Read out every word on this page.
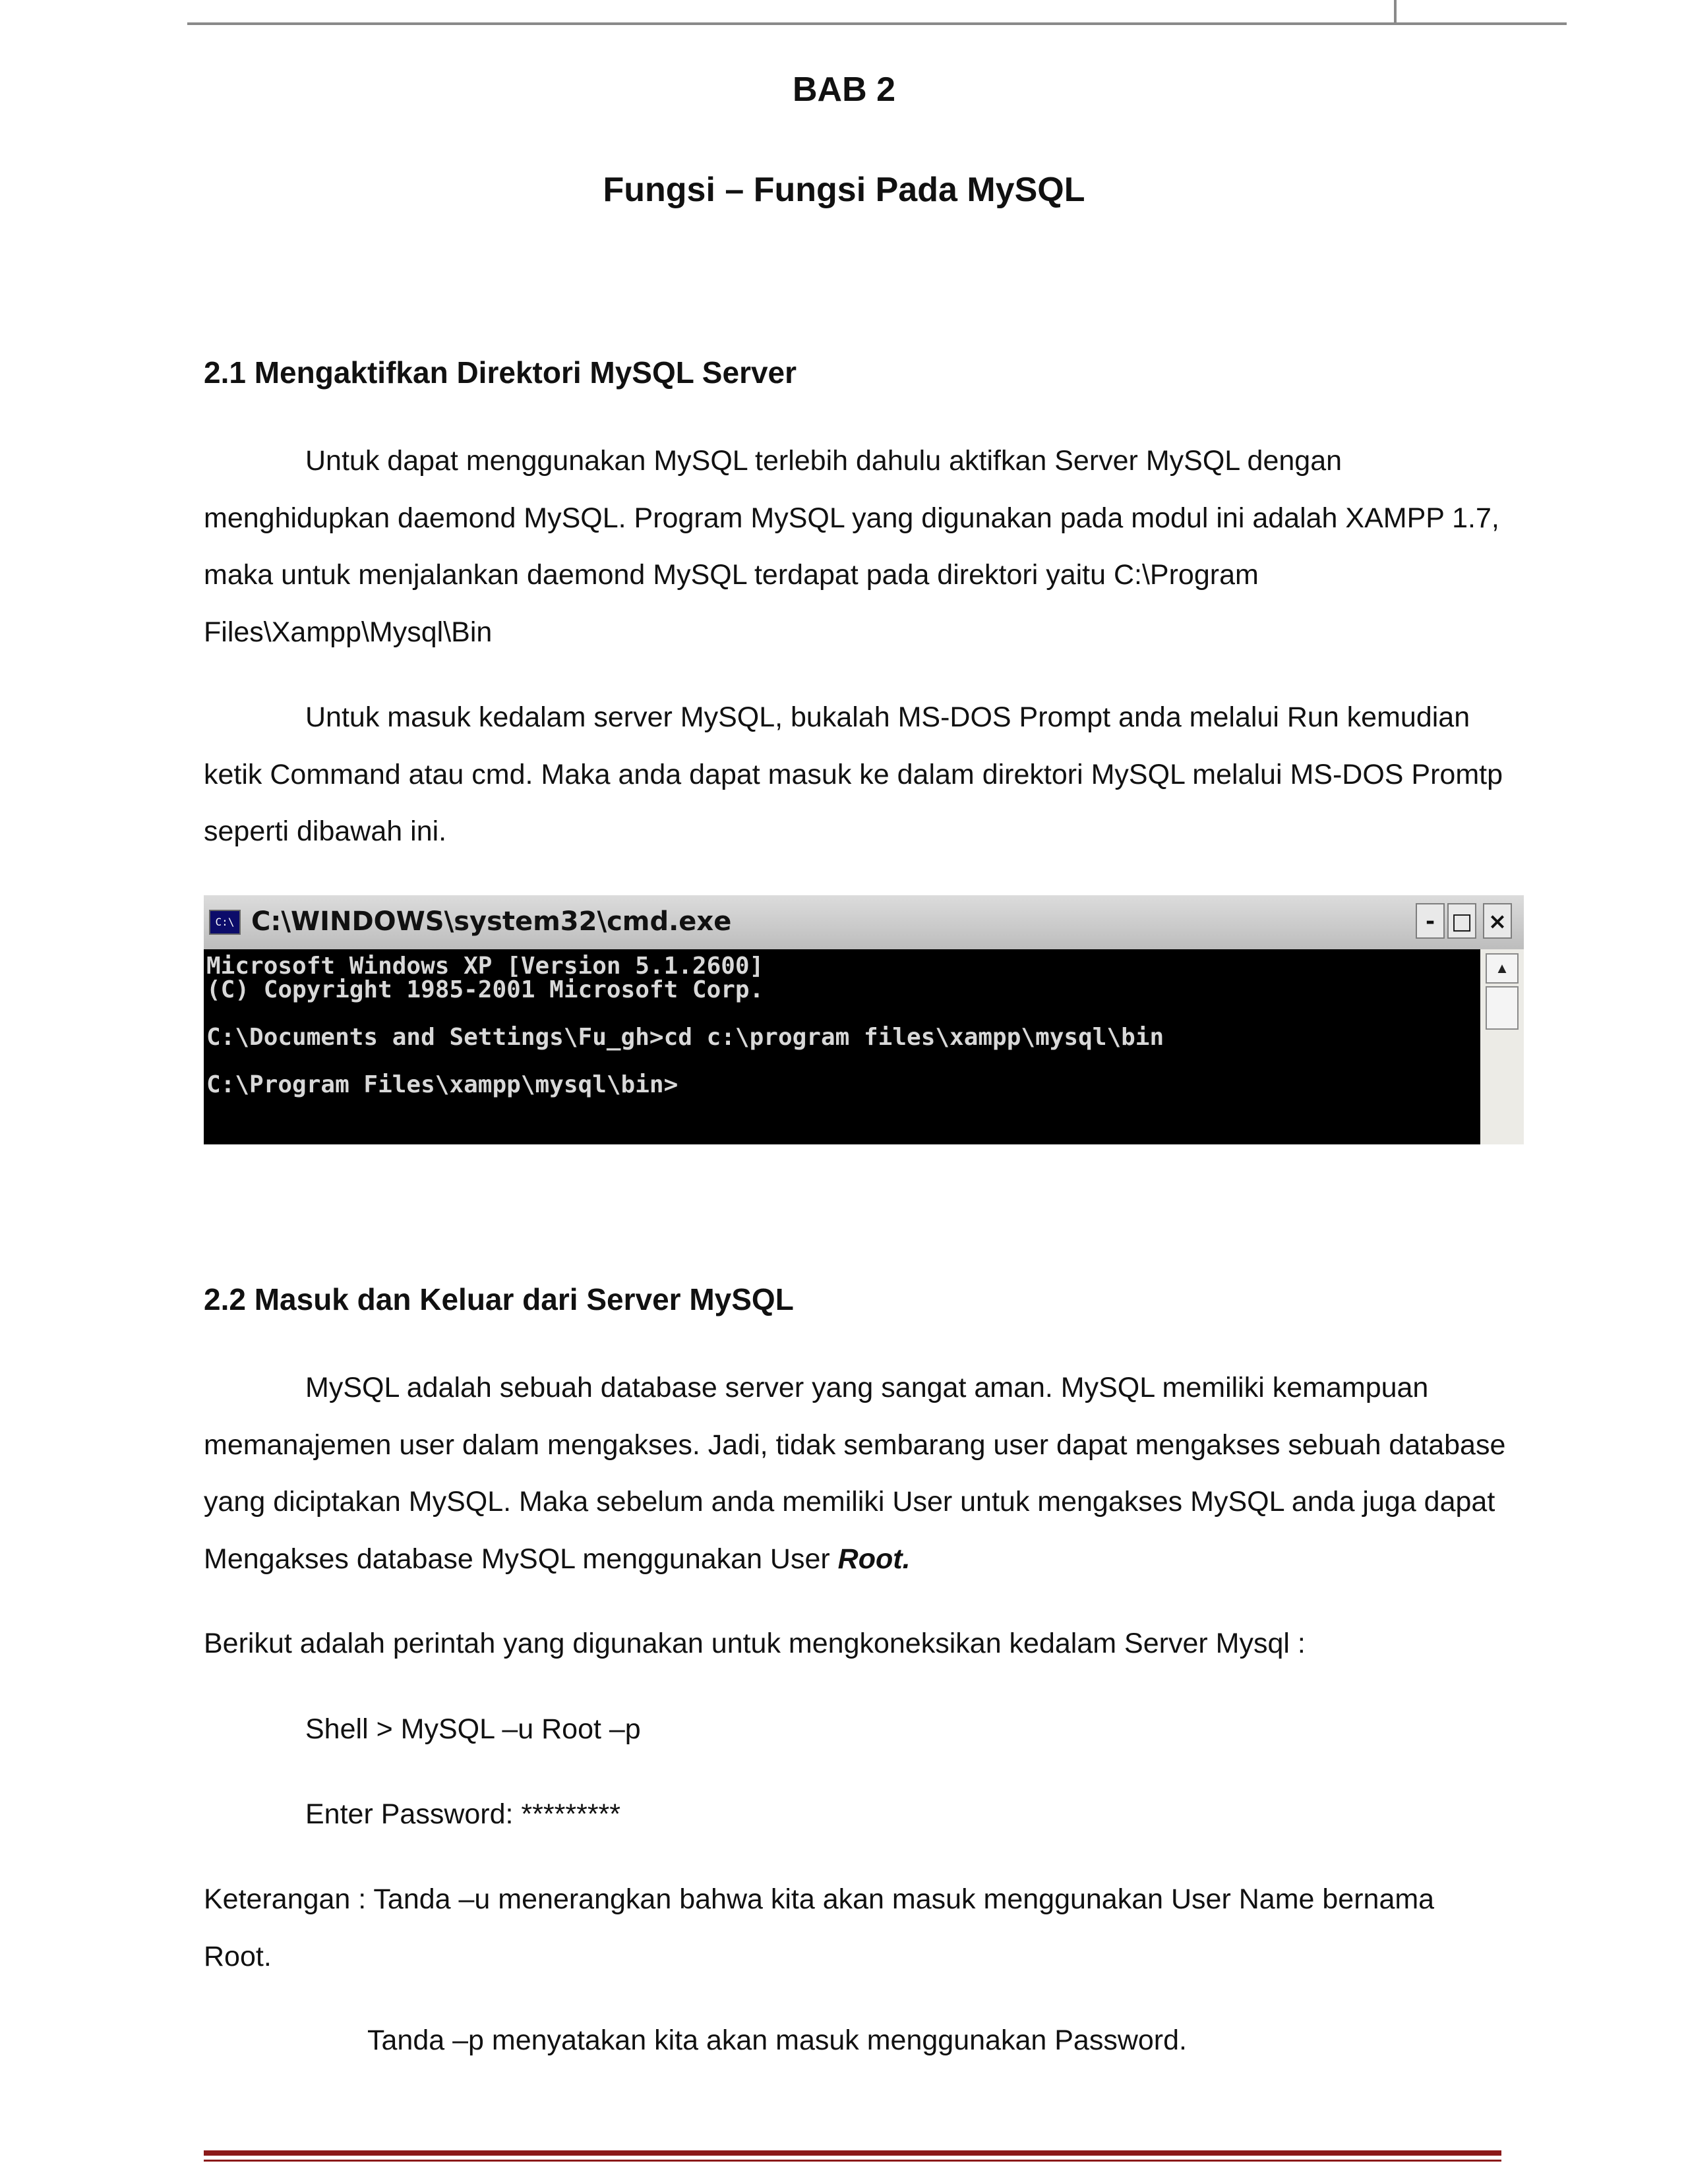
BAB 2
Fungsi – Fungsi Pada MySQL
2.1 Mengaktifkan Direktori MySQL Server
Untuk dapat menggunakan MySQL terlebih dahulu aktifkan Server MySQL dengan
menghidupkan daemond MySQL. Program MySQL yang digunakan pada modul ini adalah XAMPP 1.7,
maka untuk menjalankan daemond MySQL terdapat pada direktori yaitu C:\Program
Files\Xampp\Mysql\Bin
Untuk masuk kedalam server MySQL, bukalah MS-DOS Prompt anda melalui Run kemudian
ketik Command atau cmd. Maka anda dapat masuk ke dalam direktori MySQL melalui MS-DOS Promtp
seperti dibawah ini.
C:\ C:\WINDOWS\system32\cmd.exe	- □ ×
Microsoft Windows XP [Version 5.1.2600]
(C) Copyright 1985-2001 Microsoft Corp.
C:\Documents and Settings\Fu_gh>cd c:\program files\xampp\mysql\bin
C:\Program Files\xampp\mysql\bin>
▲
2.2 Masuk dan Keluar dari Server MySQL
MySQL adalah sebuah database server yang sangat aman. MySQL memiliki kemampuan
memanajemen user dalam mengakses. Jadi, tidak sembarang user dapat mengakses sebuah database
yang diciptakan MySQL. Maka sebelum anda memiliki User untuk mengakses MySQL anda juga dapat
Mengakses database MySQL menggunakan User Root.
Berikut adalah perintah yang digunakan untuk mengkoneksikan kedalam Server Mysql :
Shell > MySQL –u Root –p
Enter Password: *********
Keterangan : Tanda –u menerangkan bahwa kita akan masuk menggunakan User Name bernama
Root.
Tanda –p menyatakan kita akan masuk menggunakan Password.
